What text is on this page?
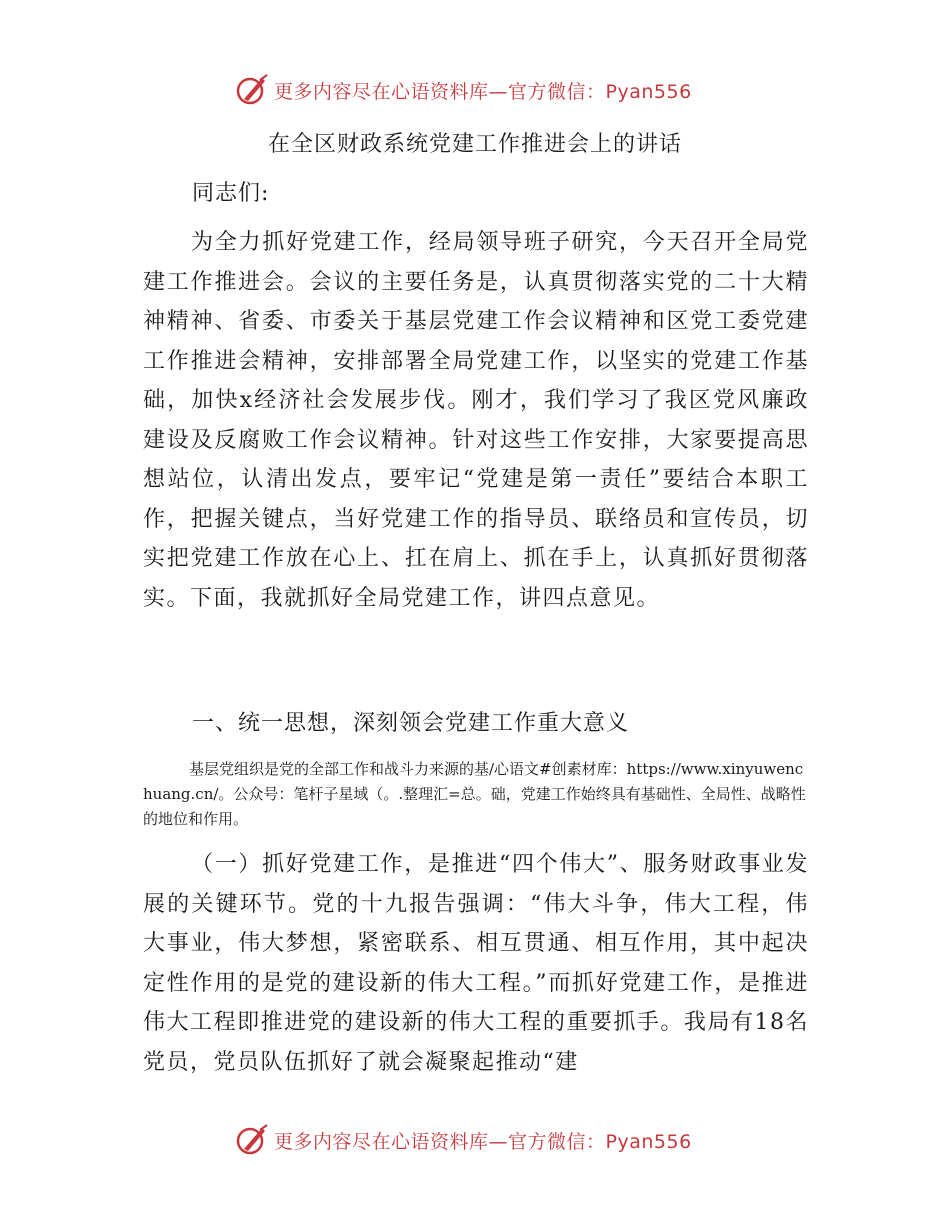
更多内容尽在心语资料库—官方微信：Pyan556
在全区财政系统党建工作推进会上的讲话
同志们:

为全力抓好党建工作，经局领导班子研究，今天召开全局党建工作推进会。会议的主要任务是，认真贯彻落实党的二十大精神精神、省委、市委关于基层党建工作会议精神和区党工委党建工作推进会精神，安排部署全局党建工作，以坚实的党建工作基础，加快x经济社会发展步伐。刚才，我们学习了我区党风廉政建设及反腐败工作会议精神。针对这些工作安排，大家要提高思想站位，认清出发点，要牢记“党建是第一责任”要结合本职工作，把握关键点，当好党建工作的指导员、联络员和宣传员，切实把党建工作放在心上、扛在肩上、抓在手上，认真抓好贯彻落实。下面，我就抓好全局党建工作，讲四点意见。

一、统一思想，深刻领会党建工作重大意义

基层党组织是党的全部工作和战斗力来源的基/心语文#创素材库：https://www.xinyuwenchuang.cn/。公众号：笔杆子星域（。.整理汇=总。础，党建工作始终具有基础性、全局性、战略性的地位和作用。

（一）抓好党建工作，是推进“四个伟大”、服务财政事业发展的关键环节。党的十九报告强调：“伟大斗争，伟大工程，伟大事业，伟大梦想，紧密联系、相互贯通、相互作用，其中起决定性作用的是党的建设新的伟大工程。”而抓好党建工作，是推进伟大工程即推进党的建设新的伟大工程的重要抓手。我局有18名党员，党员队伍抓好了就会凝聚起推动“建

更多内容尽在心语资料库—官方微信：Pyan556
